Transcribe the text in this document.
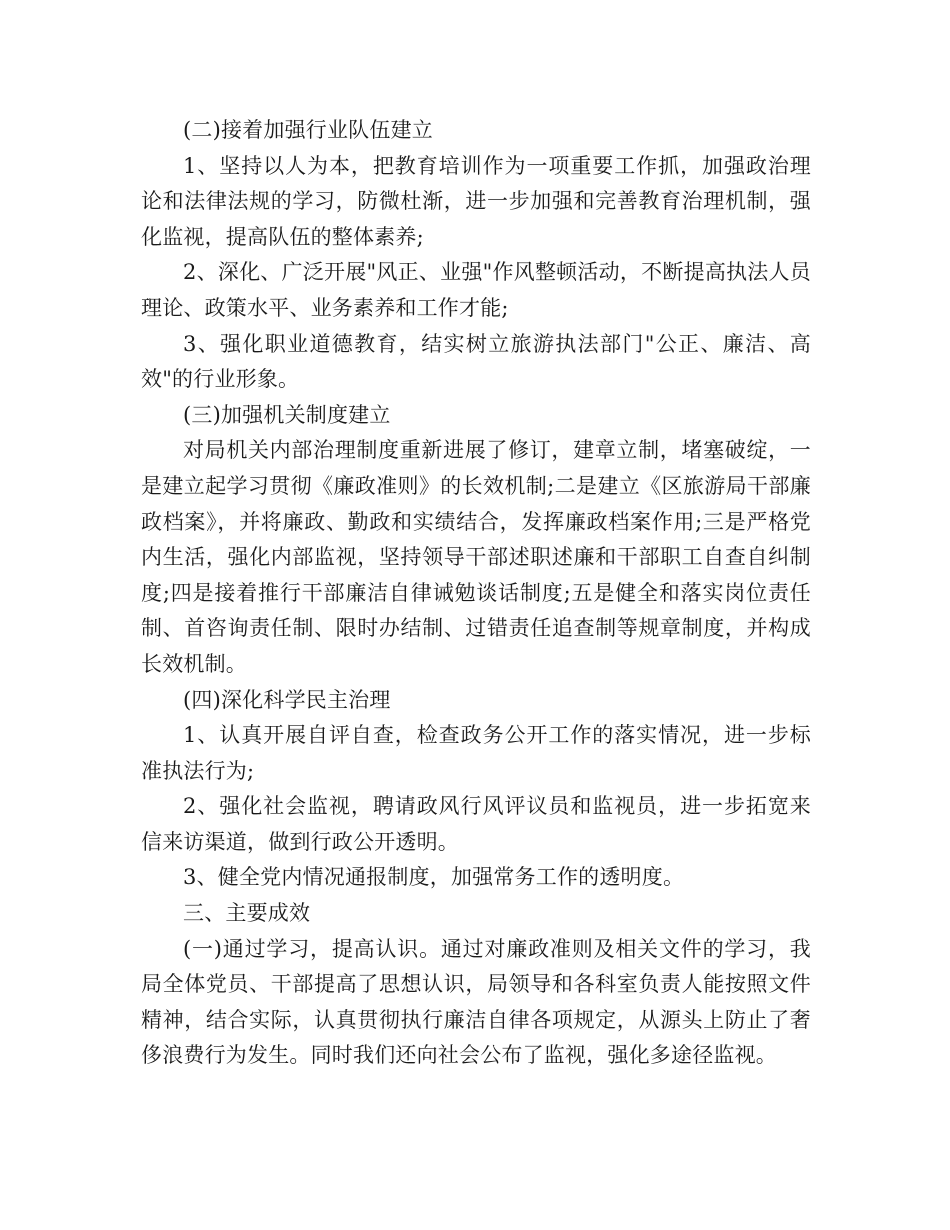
(二)接着加强行业队伍建立

1、坚持以人为本，把教育培训作为一项重要工作抓，加强政治理论和法律法规的学习，防微杜渐，进一步加强和完善教育治理机制，强化监视，提高队伍的整体素养;

2、深化、广泛开展"风正、业强"作风整顿活动，不断提高执法人员理论、政策水平、业务素养和工作才能;

3、强化职业道德教育，结实树立旅游执法部门"公正、廉洁、高效"的行业形象。

(三)加强机关制度建立

对局机关内部治理制度重新进展了修订，建章立制，堵塞破绽，一是建立起学习贯彻《廉政准则》的长效机制;二是建立《区旅游局干部廉政档案》，并将廉政、勤政和实绩结合，发挥廉政档案作用;三是严格党内生活，强化内部监视，坚持领导干部述职述廉和干部职工自查自纠制度;四是接着推行干部廉洁自律诫勉谈话制度;五是健全和落实岗位责任制、首咨询责任制、限时办结制、过错责任追查制等规章制度，并构成长效机制。

(四)深化科学民主治理

1、认真开展自评自查，检查政务公开工作的落实情况，进一步标准执法行为;

2、强化社会监视，聘请政风行风评议员和监视员，进一步拓宽来信来访渠道，做到行政公开透明。

3、健全党内情况通报制度，加强常务工作的透明度。

三、主要成效

(一)通过学习，提高认识。通过对廉政准则及相关文件的学习，我局全体党员、干部提高了思想认识，局领导和各科室负责人能按照文件精神，结合实际，认真贯彻执行廉洁自律各项规定，从源头上防止了奢侈浪费行为发生。同时我们还向社会公布了监视，强化多途径监视。
